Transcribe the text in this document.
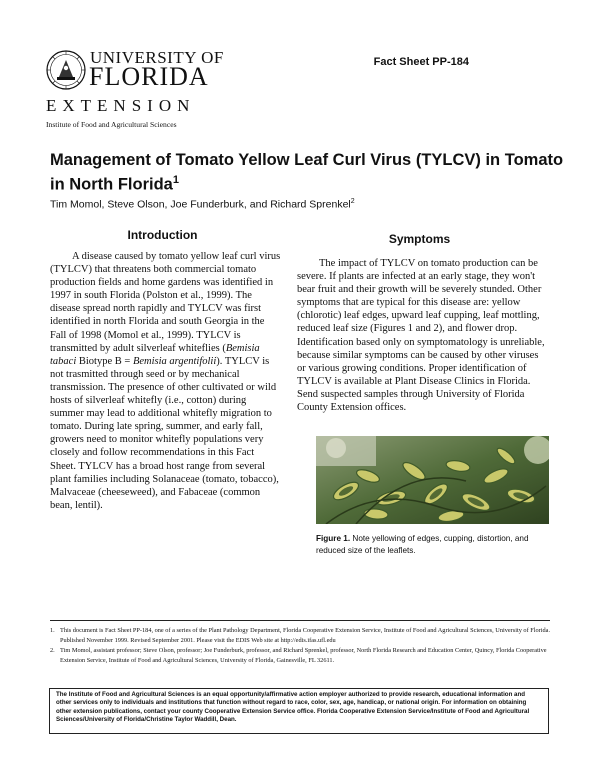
UNIVERSITY OF
FLORIDA
EXTENSION
Institute of Food and Agricultural Sciences
Fact Sheet PP-184
Management of Tomato Yellow Leaf Curl Virus (TYLCV) in Tomato in North Florida$^1$
Tim Momol, Steve Olson, Joe Funderburk, and Richard Sprenkel$^2$
Introduction

A disease caused by tomato yellow leaf curl virus (TYLCV) that threatens both commercial tomato production fields and home gardens was identified in 1997 in south Florida (Polston et al., 1999). The disease spread north rapidly and TYLCV was first identified in north Florida and south Georgia in the Fall of 1998 (Momol et al., 1999). TYLCV is transmitted by adult silverleaf whiteflies (Bemisia tabaci Biotype B = Bemisia argentifolii). TYLCV is not trasmitted through seed or by mechanical transmission. The presence of other cultivated or wild hosts of silverleaf whitefly (i.e., cotton) during summer may lead to additional whitefly migration to tomato. During late spring, summer, and early fall, growers need to monitor whitefly populations very closely and follow recommendations in this Fact Sheet. TYLCV has a broad host range from several plant families including Solanaceae (tomato, tobacco), Malvaceae (cheeseweed), and Fabaceae (common bean, lentil).

Symptoms

The impact of TYLCV on tomato production can be severe. If plants are infected at an early stage, they won't bear fruit and their growth will be severely stunded. Other symptoms that are typical for this disease are: yellow (chlorotic) leaf edges, upward leaf cupping, leaf mottling, reduced leaf size (Figures 1 and 2), and flower drop. Identification based only on symptomatology is unreliable, because similar symptoms can be caused by other viruses or various growing conditions. Proper identification of TYLCV is available at Plant Disease Clinics in Florida. Send suspected samples through University of Florida County Extension offices.

Figure 1. Note yellowing of edges, cupping, distortion, and reduced size of the leaflets.
1. This document is Fact Sheet PP-184, one of a series of the Plant Pathology Department, Florida Cooperative Extension Service, Institute of Food and Agricultural Sciences, University of Florida. Published November 1999. Revised September 2001. Please visit the EDIS Web site at http://edis.ifas.ufl.edu
2. Tim Momol, assistant professor; Steve Olson, professor; Joe Funderburk, professor, and Richard Sprenkel, professor, North Florida Research and Education Center, Quincy, Florida Cooperative Extension Service, Institute of Food and Agricultural Sciences, University of Florida, Gainesville, FL 32611.
The Institute of Food and Agricultural Sciences is an equal opportunity/affirmative action employer authorized to provide research, educational information and other services only to individuals and institutions that function without regard to race, color, sex, age, handicap, or national origin. For information on obtaining other extension publications, contact your county Cooperative Extension Service office. Florida Cooperative Extension Service/Institute of Food and Agricultural Sciences/University of Florida/Christine Taylor Waddill, Dean.
